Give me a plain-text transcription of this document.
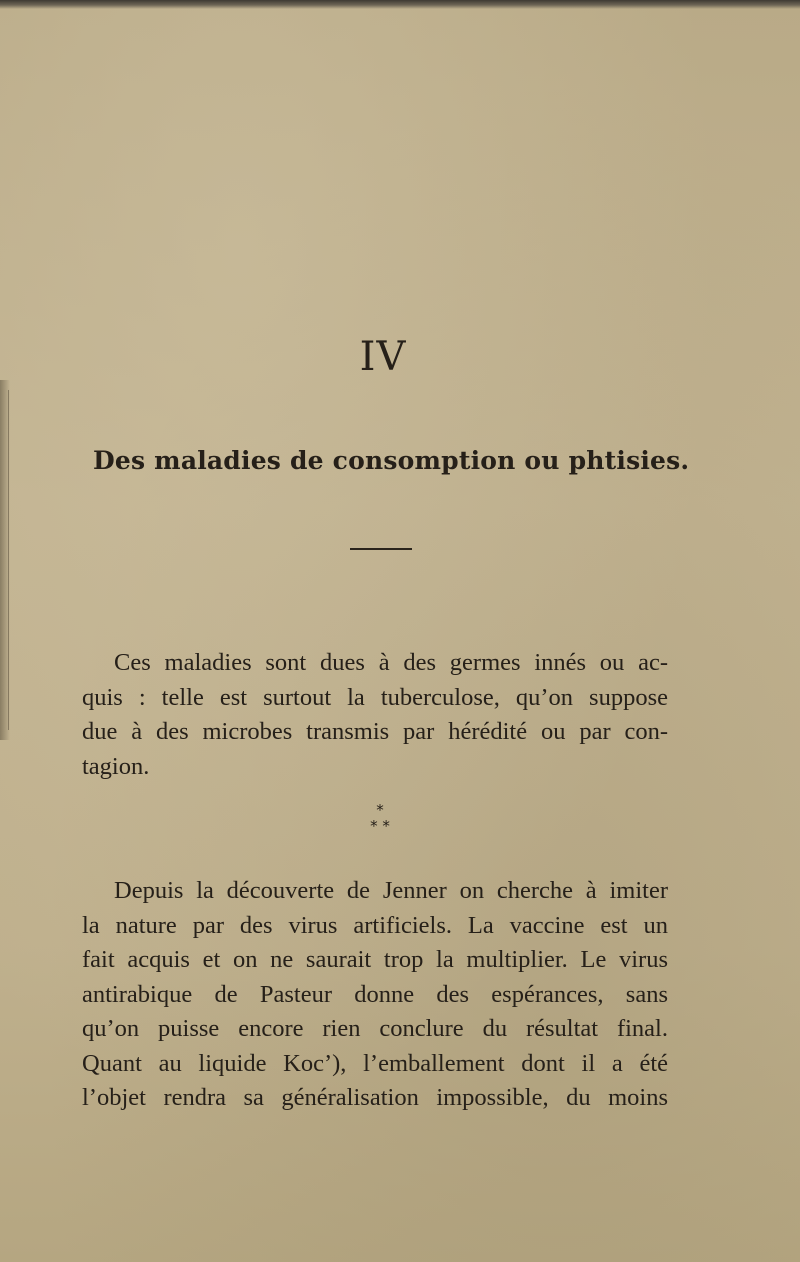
IV
Des maladies de consomption ou phtisies.
Ces maladies sont dues à des germes innés ou ac-
quis : telle est surtout la tuberculose, qu’on suppose
due à des microbes transmis par hérédité ou par con-
tagion.
*
* *
Depuis la découverte de Jenner on cherche à imiter
la nature par des virus artificiels. La vaccine est un
fait acquis et on ne saurait trop la multiplier. Le virus
antirabique de Pasteur donne des espérances, sans
qu’on puisse encore rien conclure du résultat final.
Quant au liquide Koc’), l’emballement dont il a été
l’objet rendra sa généralisation impossible, du moins
